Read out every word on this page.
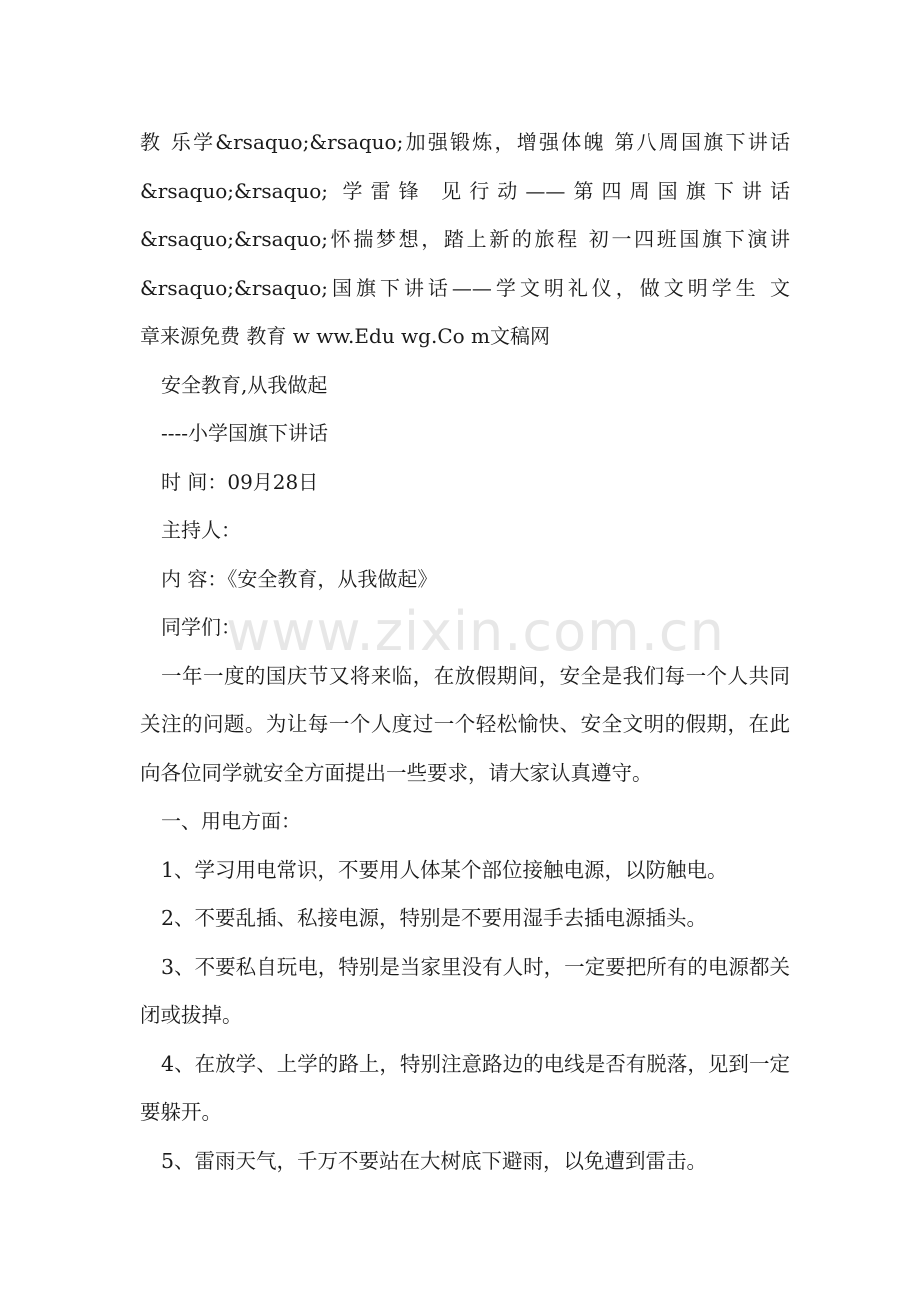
教 乐学&rsaquo;&rsaquo;加强锻炼，增强体魄 第八周国旗下讲话
&rsaquo;&rsaquo; 学雷锋 见行动——第四周国旗下讲话
&rsaquo;&rsaquo;怀揣梦想，踏上新的旅程 初一四班国旗下演讲
&rsaquo;&rsaquo;国旗下讲话——学文明礼仪，做文明学生 文
章来源免费 教育 w ww.Edu wg.Co m文稿网
安全教育,从我做起
----小学国旗下讲话
时 间：09月28日
主持人：
内 容：《安全教育，从我做起》
同学们：
一年一度的国庆节又将来临，在放假期间，安全是我们每一个人共同关注的问题。为让每一个人度过一个轻松愉快、安全文明的假期，在此向各位同学就安全方面提出一些要求，请大家认真遵守。
一、用电方面：
1、学习用电常识，不要用人体某个部位接触电源，以防触电。
2、不要乱插、私接电源，特别是不要用湿手去插电源插头。
3、不要私自玩电，特别是当家里没有人时，一定要把所有的电源都关闭或拔掉。
4、在放学、上学的路上，特别注意路边的电线是否有脱落，见到一定要躲开。
5、雷雨天气，千万不要站在大树底下避雨，以免遭到雷击。
www.zixin.com.cn
